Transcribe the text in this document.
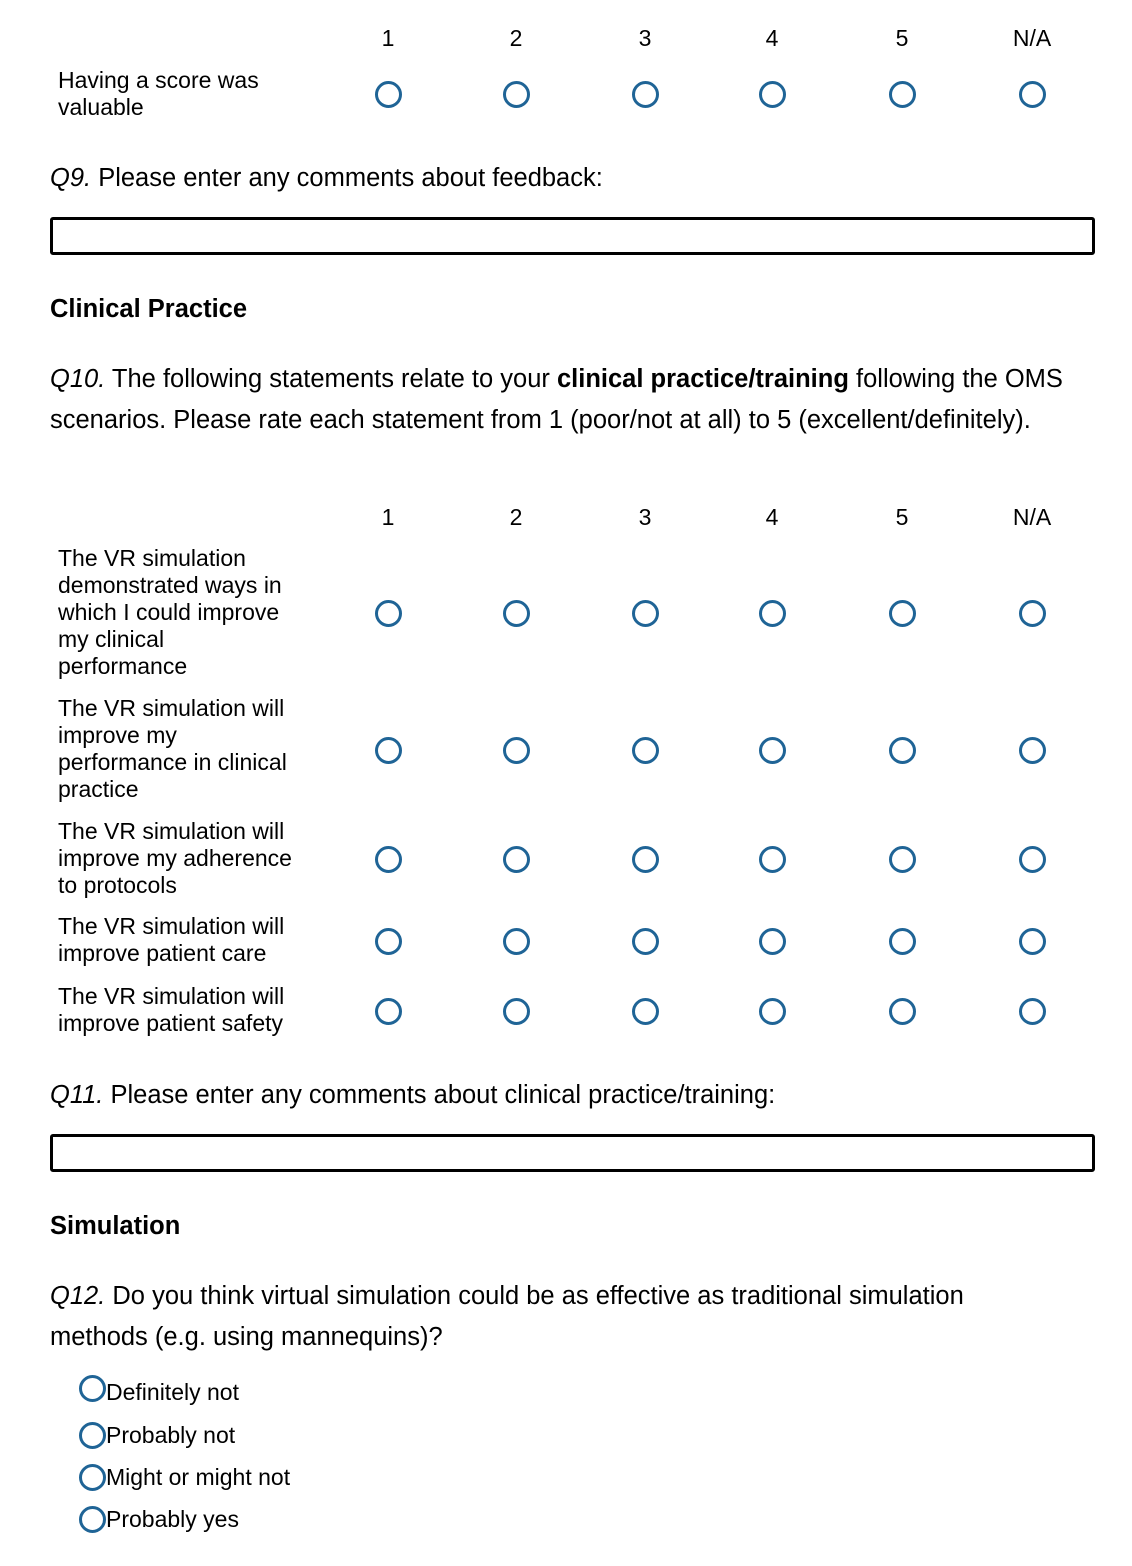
1	2	3	4	5	N/A
Having a score was
valuable
Q9. Please enter any comments about feedback:
Clinical Practice
Q10. The following statements relate to your clinical practice/training following the OMS scenarios. Please rate each statement from 1 (poor/not at all) to 5 (excellent/definitely).
1	2	3	4	5	N/A
The VR simulation
demonstrated ways in
which I could improve
my clinical
performance
The VR simulation will
improve my
performance in clinical
practice
The VR simulation will
improve my adherence
to protocols
The VR simulation will
improve patient care
The VR simulation will
improve patient safety
Q11. Please enter any comments about clinical practice/training:
Simulation
Q12. Do you think virtual simulation could be as effective as traditional simulation methods (e.g. using mannequins)?
Definitely not
Probably not
Might or might not
Probably yes
